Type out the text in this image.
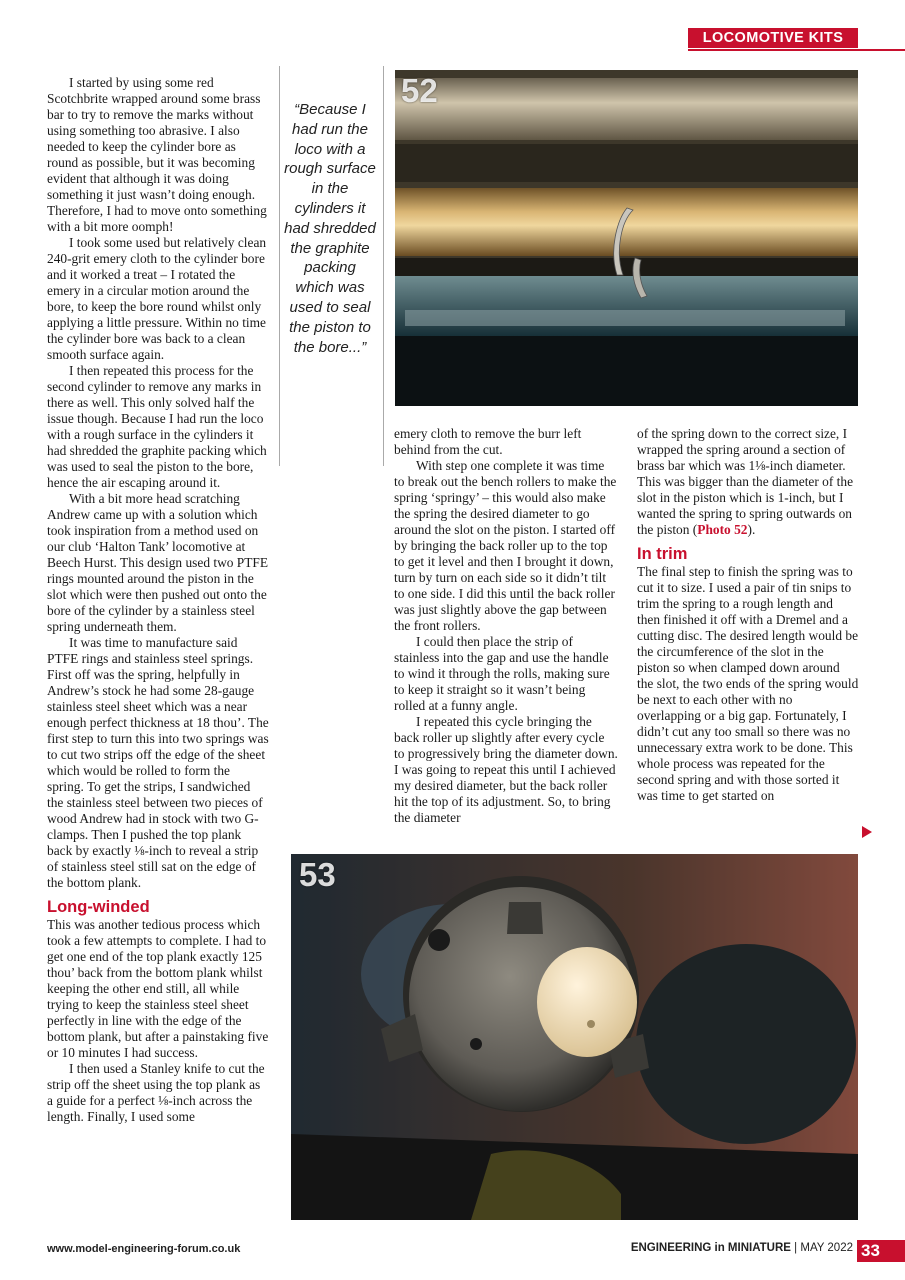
LOCOMOTIVE KITS

I started by using some red Scotchbrite wrapped around some brass bar to try to remove the marks without using something too abrasive. I also needed to keep the cylinder bore as round as possible, but it was becoming evident that although it was doing something it just wasn’t doing enough. Therefore, I had to move onto something with a bit more oomph!

I took some used but relatively clean 240-grit emery cloth to the cylinder bore and it worked a treat – I rotated the emery in a circular motion around the bore, to keep the bore round whilst only applying a little pressure. Within no time the cylinder bore was back to a clean smooth surface again.

I then repeated this process for the second cylinder to remove any marks in there as well. This only solved half the issue though. Because I had run the loco with a rough surface in the cylinders it had shredded the graphite packing which was used to seal the piston to the bore, hence the air escaping around it.

With a bit more head scratching Andrew came up with a solution which took inspiration from a method used on our club ‘Halton Tank’ locomotive at Beech Hurst. This design used two PTFE rings mounted around the piston in the slot which were then pushed out onto the bore of the cylinder by a stainless steel spring underneath them.

It was time to manufacture said PTFE rings and stainless steel springs. First off was the spring, helpfully in Andrew’s stock he had some 28-gauge stainless steel sheet which was a near enough perfect thickness at 18 thou’. The first step to turn this into two springs was to cut two strips off the edge of the sheet which would be rolled to form the spring. To get the strips, I sandwiched the stainless steel between two pieces of wood Andrew had in stock with two G-clamps. Then I pushed the top plank back by exactly ⅛-inch to reveal a strip of stainless steel still sat on the edge of the bottom plank.

Long-winded

This was another tedious process which took a few attempts to complete. I had to get one end of the top plank exactly 125 thou’ back from the bottom plank whilst keeping the other end still, all while trying to keep the stainless steel sheet perfectly in line with the edge of the bottom plank, but after a painstaking five or 10 minutes I had success.

I then used a Stanley knife to cut the strip off the sheet using the top plank as a guide for a perfect ⅛-inch across the length. Finally, I used some

“Because I had run the loco with a rough surface in the cylinders it had shredded the graphite packing which was used to seal the piston to the bore...”
52

emery cloth to remove the burr left behind from the cut.

With step one complete it was time to break out the bench rollers to make the spring ‘springy’ – this would also make the spring the desired diameter to go around the slot on the piston. I started off by bringing the back roller up to the top to get it level and then I brought it down, turn by turn on each side so it didn’t tilt to one side. I did this until the back roller was just slightly above the gap between the front rollers.

I could then place the strip of stainless into the gap and use the handle to wind it through the rolls, making sure to keep it straight so it wasn’t being rolled at a funny angle.

I repeated this cycle bringing the back roller up slightly after every cycle to progressively bring the diameter down. I was going to repeat this until I achieved my desired diameter, but the back roller hit the top of its adjustment. So, to bring the diameter

of the spring down to the correct size, I wrapped the spring around a section of brass bar which was 1⅛-inch diameter. This was bigger than the diameter of the slot in the piston which is 1-inch, but I wanted the spring to spring outwards on the piston (Photo 52).

In trim

The final step to finish the spring was to cut it to size. I used a pair of tin snips to trim the spring to a rough length and then finished it off with a Dremel and a cutting disc. The desired length would be the circumference of the slot in the piston so when clamped down around the slot, the two ends of the spring would be next to each other with no overlapping or a big gap. Fortunately, I didn’t cut any too small so there was no unnecessary extra work to be done. This whole process was repeated for the second spring and with those sorted it was time to get started on

53
www.model-engineering-forum.co.uk	ENGINEERING in MINIATURE | MAY 2022 33
